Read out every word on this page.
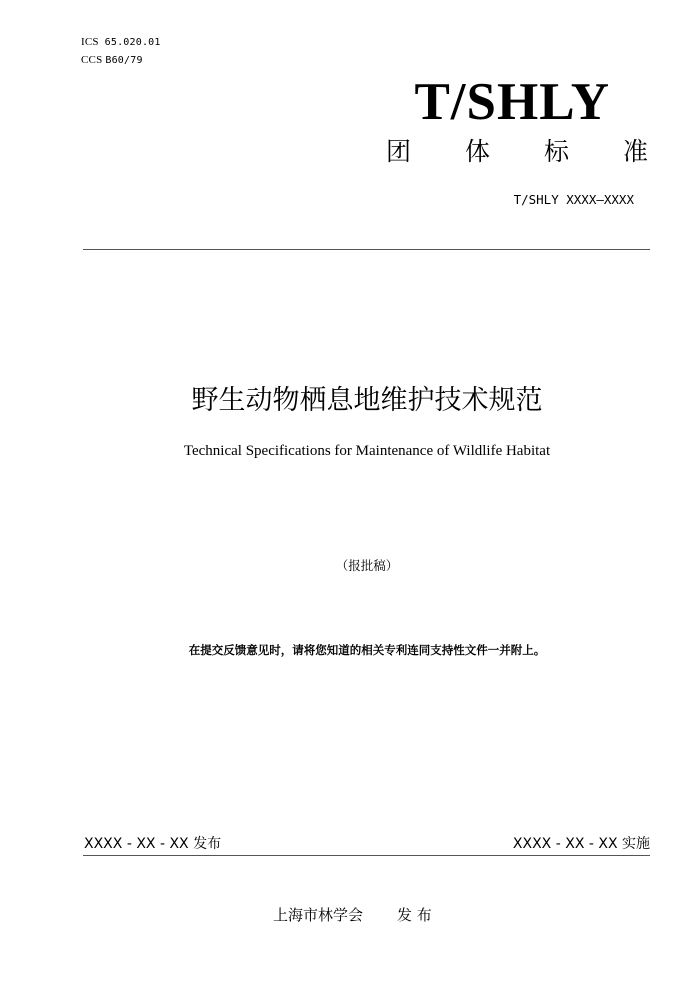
ICS 65.020.01
CCS B60/79
T/SHLY
团 体 标 准
T/SHLY XXXX—XXXX
野生动物栖息地维护技术规范
Technical Specifications for Maintenance of Wildlife Habitat
（报批稿）
在提交反馈意见时，请将您知道的相关专利连同支持性文件一并附上。
XXXX - XX - XX 发布	XXXX - XX - XX 实施
上海市林学会 发 布
